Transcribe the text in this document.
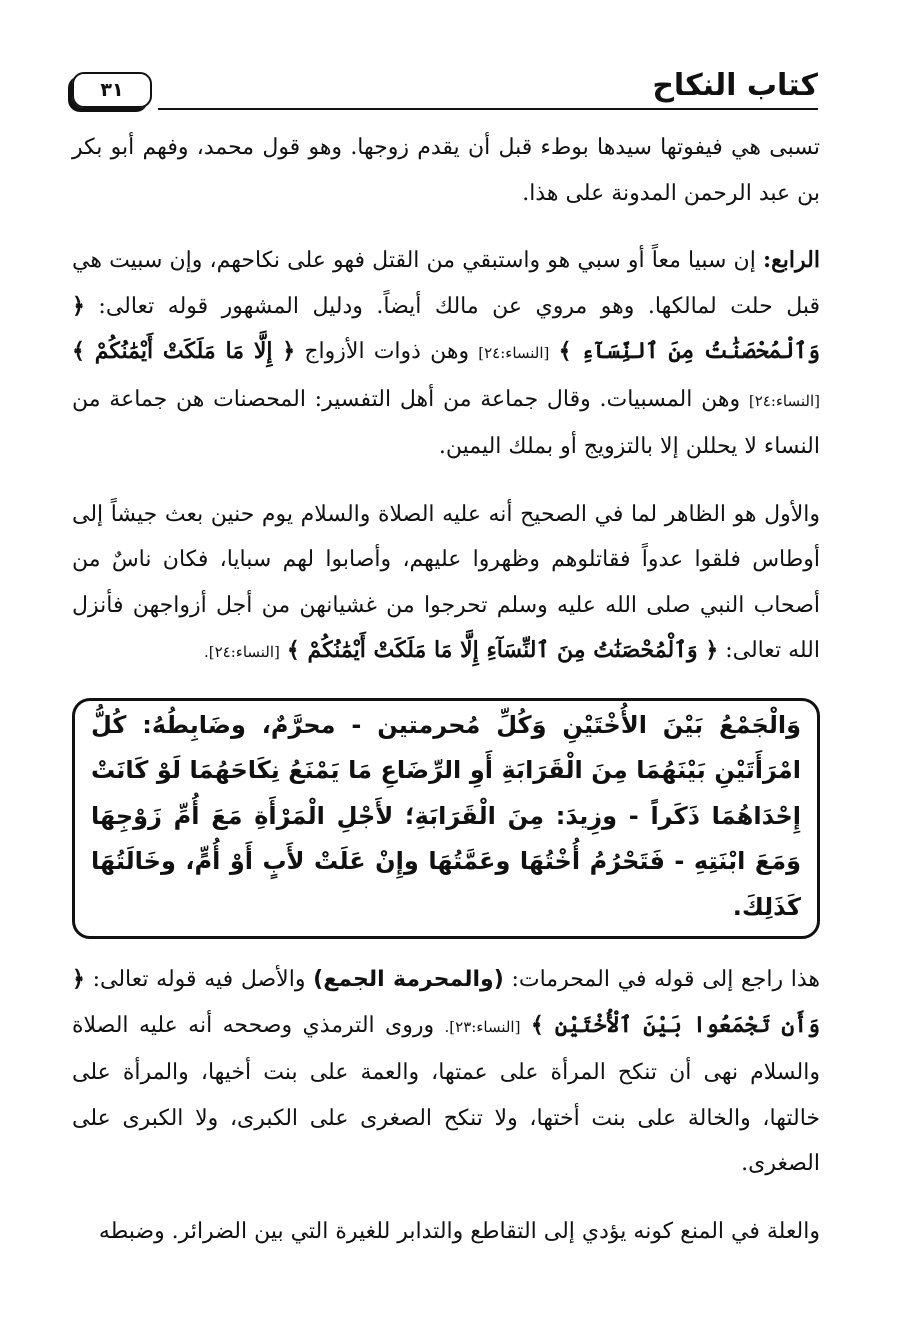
كتاب النكاح
٣١

تسبى هي فيفوتها سيدها بوطء قبل أن يقدم زوجها. وهو قول محمد، وفهم أبو بكر بن عبد الرحمن المدونة على هذا.

الرابع: إن سبيا معاً أو سبي هو واستبقي من القتل فهو على نكاحهم، وإن سبيت هي قبل حلت لمالكها. وهو مروي عن مالك أيضاً. ودليل المشهور قوله تعالى: ﴿ وَٱلْمُحْصَنَٰتُ مِنَ ٱلنِّسَآءِ ﴾ [النساء:٢٤] وهن ذوات الأزواج ﴿ إِلَّا مَا مَلَكَتْ أَيْمَٰنُكُمْ ﴾ [النساء:٢٤] وهن المسبيات. وقال جماعة من أهل التفسير: المحصنات هن جماعة من النساء لا يحللن إلا بالتزويج أو بملك اليمين.

والأول هو الظاهر لما في الصحيح أنه عليه الصلاة والسلام يوم حنين بعث جيشاً إلى أوطاس فلقوا عدواً فقاتلوهم وظهروا عليهم، وأصابوا لهم سبايا، فكان ناسٌ من أصحاب النبي صلى الله عليه وسلم تحرجوا من غشيانهن من أجل أزواجهن فأنزل الله تعالى: ﴿ وَٱلْمُحْصَنَٰتُ مِنَ ٱلنِّسَآءِ إِلَّا مَا مَلَكَتْ أَيْمَٰنُكُمْ ﴾ [النساء:٢٤].

وَالْجَمْعُ بَيْنَ الأُخْتَيْنِ وَكُلِّ مُحرمتين - محرَّمٌ، وضَابِطُهُ: كُلُّ امْرَأَتَيْنِ بَيْنَهُمَا مِنَ الْقَرَابَةِ أَوِ الرِّضَاعِ مَا يَمْنَعُ نِكَاحَهُمَا لَوْ كَانَتْ إِحْدَاهُمَا ذَكَراً - وزِيدَ: مِنَ الْقَرَابَةِ؛ لأَجْلِ الْمَرْأَةِ مَعَ أُمِّ زَوْجِهَا وَمَعَ ابْنَتِهِ - فَتَحْرُمُ أُخْتُهَا وعَمَّتُهَا وإِنْ عَلَتْ لأَبٍ أَوْ أُمٍّ، وخَالَتُهَا كَذَلِكَ.

هذا راجع إلى قوله في المحرمات: (والمحرمة الجمع) والأصل فيه قوله تعالى: ﴿ وَأَن تَجْمَعُوا بَيْنَ ٱلْأُخْتَيْنِ ﴾ [النساء:٢٣]. وروى الترمذي وصححه أنه عليه الصلاة والسلام نهى أن تنكح المرأة على عمتها، والعمة على بنت أخيها، والمرأة على خالتها، والخالة على بنت أختها، ولا تنكح الصغرى على الكبرى، ولا الكبرى على الصغرى.

والعلة في المنع كونه يؤدي إلى التقاطع والتدابر للغيرة التي بين الضرائر. وضبطه
